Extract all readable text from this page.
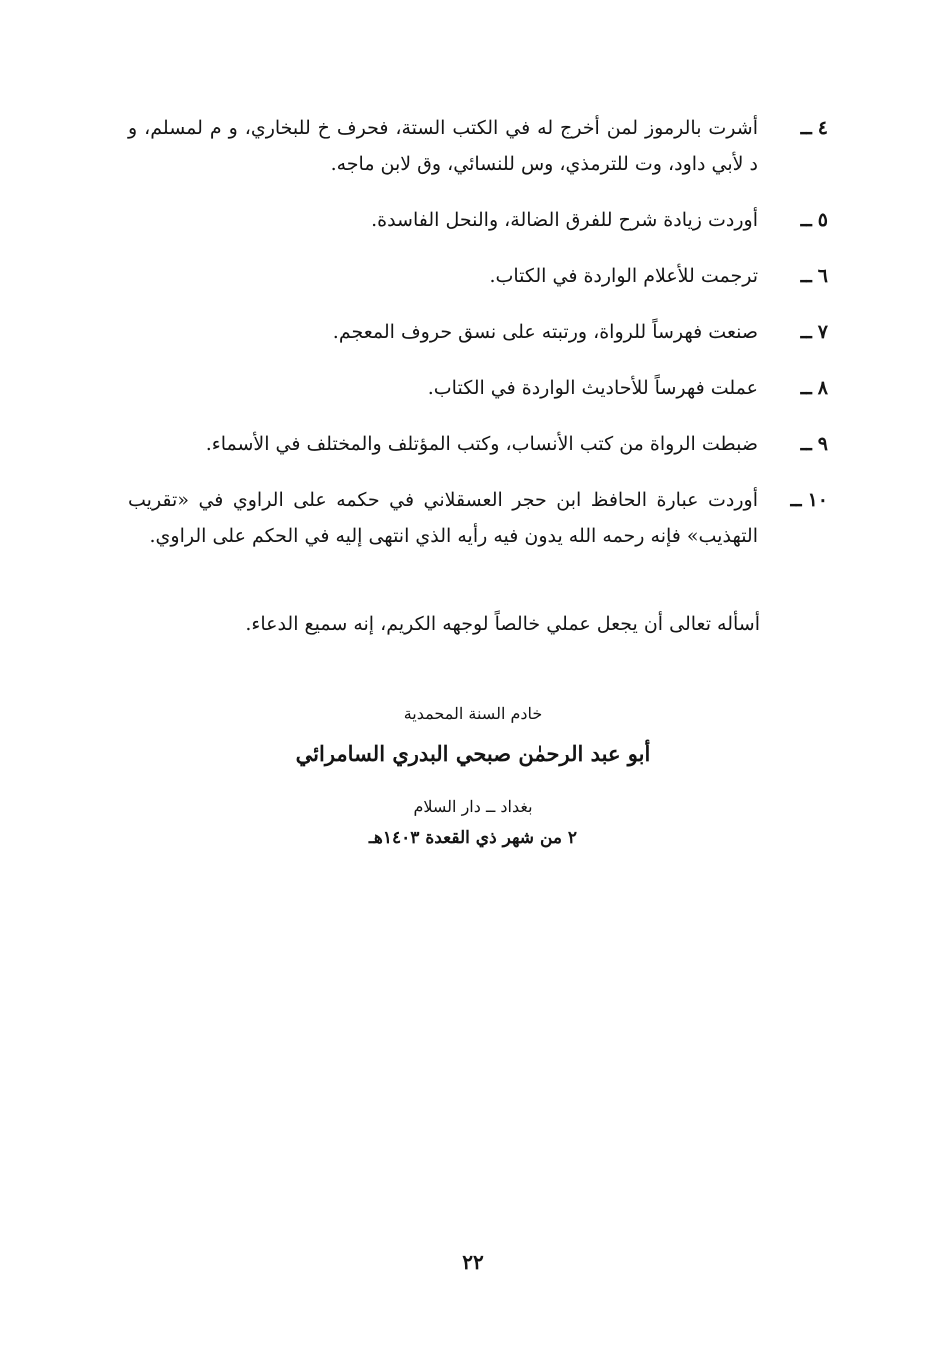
٤ــ
أشرت بالرموز لمن أخرج له في الكتب الستة، فحرف خ للبخاري، و م لمسلم، و د لأبي داود، وت للترمذي، وس للنسائي، وق لابن ماجه.
٥ــ
أوردت زيادة شرح للفرق الضالة، والنحل الفاسدة.
٦ــ
ترجمت للأعلام الواردة في الكتاب.
٧ــ
صنعت فهرساً للرواة، ورتبته على نسق حروف المعجم.
٨ــ
عملت فهرساً للأحاديث الواردة في الكتاب.
٩ــ
ضبطت الرواة من كتب الأنساب، وكتب المؤتلف والمختلف في الأسماء.
١٠ــ
أوردت عبارة الحافظ ابن حجر العسقلاني في حكمه على الراوي في «تقريب التهذيب» فإنه رحمه الله يدون فيه رأيه الذي انتهى إليه في الحكم على الراوي.
أسأله تعالى أن يجعل عملي خالصاً لوجهه الكريم، إنه سميع الدعاء.
خادم السنة المحمدية
أبو عبد الرحمٰن صبحي البدري السامرائي
بغداد ــ دار السلام
٢ من شهر ذي القعدة ١٤٠٣هـ
٢٢
